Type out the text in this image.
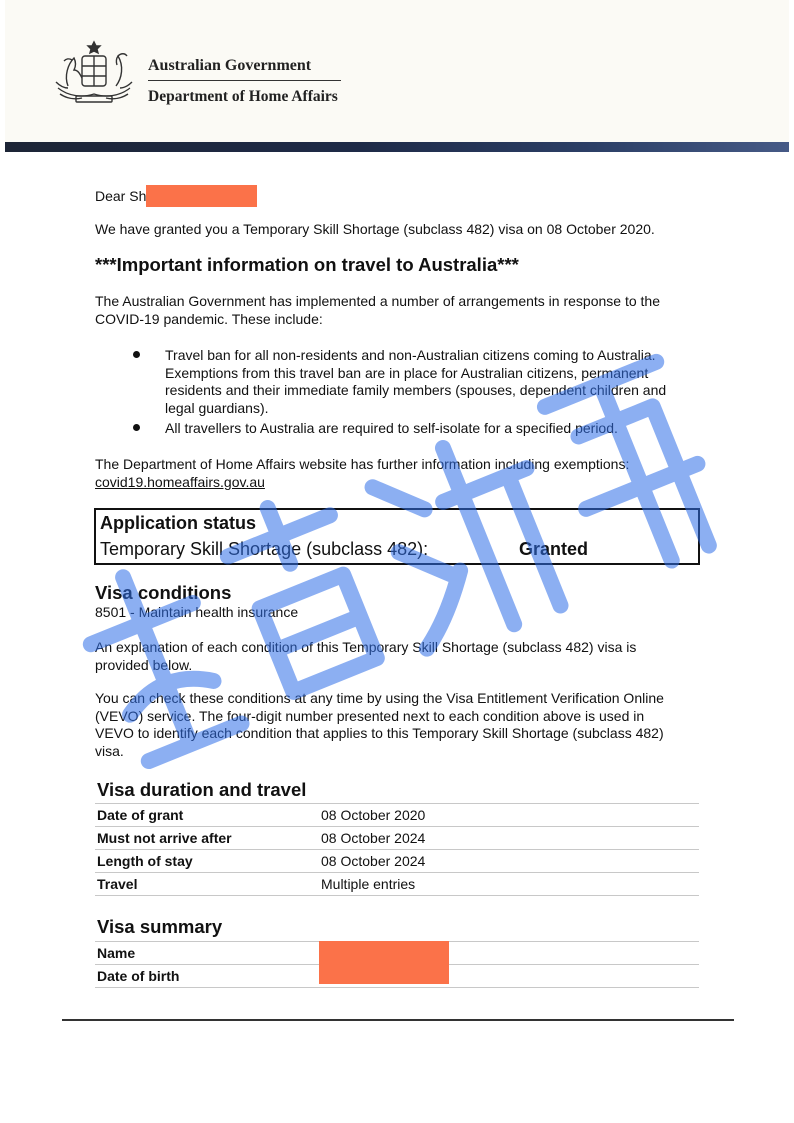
Australian Government
Department of Home Affairs
Dear Sh
We have granted you a Temporary Skill Shortage (subclass 482) visa on 08 October 2020.
***Important information on travel to Australia***
The Australian Government has implemented a number of arrangements in response to the
COVID-19 pandemic. These include:
Travel ban for all non-residents and non-Australian citizens coming to Australia.
Exemptions from this travel ban are in place for Australian citizens, permanent
residents and their immediate family members (spouses, dependent children and
legal guardians).
All travellers to Australia are required to self-isolate for a specified period.
The Department of Home Affairs website has further information including exemptions:
covid19.homeaffairs.gov.au
Application status
Temporary Skill Shortage (subclass 482):	Granted
Visa conditions
8501 - Maintain health insurance
An explanation of each condition of this Temporary Skill Shortage (subclass 482) visa is
provided below.
You can check these conditions at any time by using the Visa Entitlement Verification Online
(VEVO) service. The four-digit number presented next to each condition above is used in
VEVO to identify each condition that applies to this Temporary Skill Shortage (subclass 482)
visa.
Visa duration and travel
Date of grant	08 October 2020
Must not arrive after	08 October 2024
Length of stay	08 October 2024
Travel	Multiple entries
Visa summary
Name
Date of birth
